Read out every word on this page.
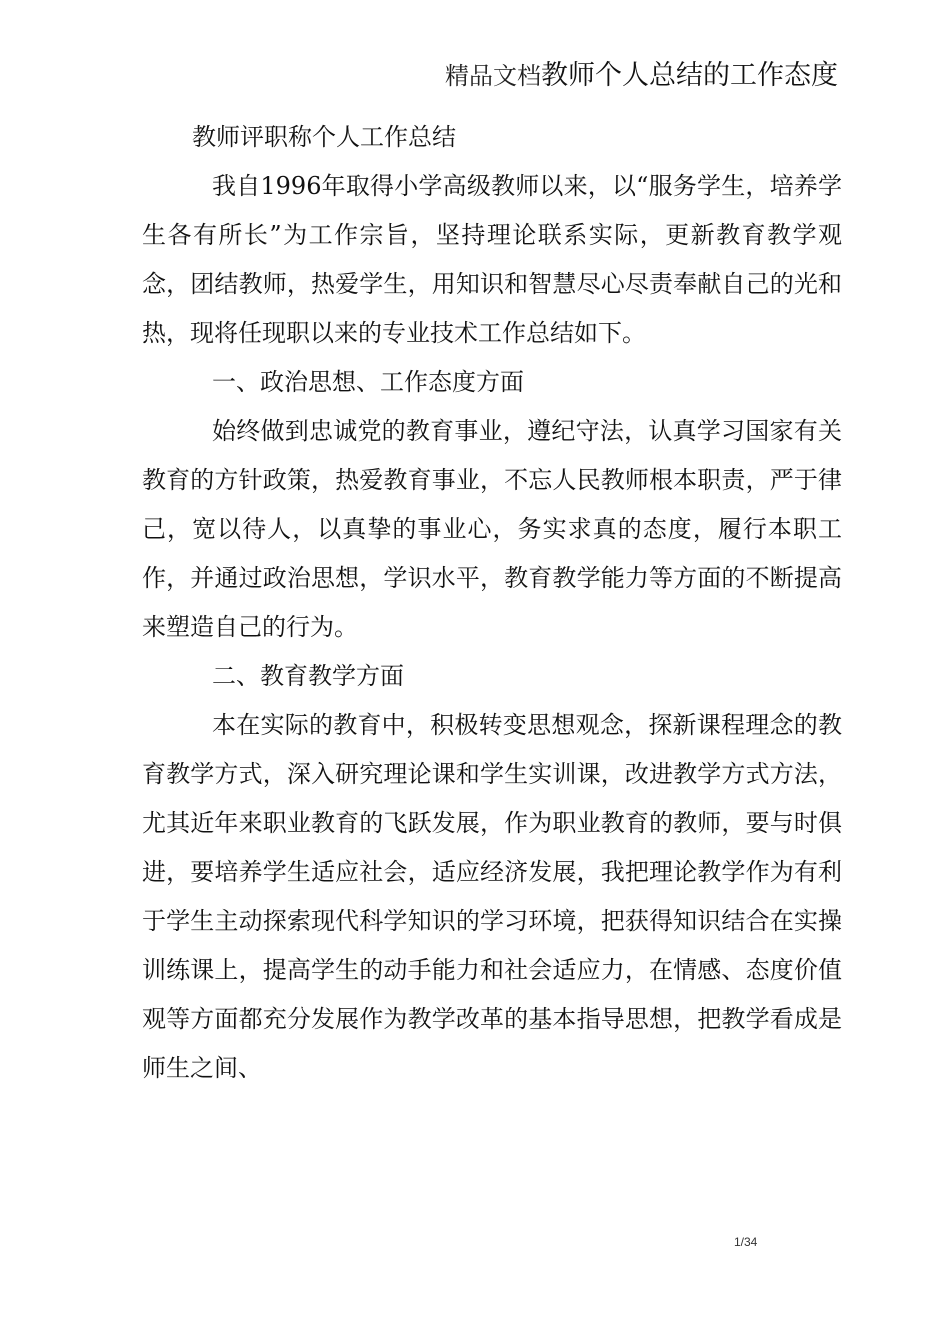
精品文档教师个人总结的工作态度
教师评职称个人工作总结

我自1996年取得小学高级教师以来，以“服务学生，培养学生各有所长”为工作宗旨，坚持理论联系实际，更新教育教学观念，团结教师，热爱学生，用知识和智慧尽心尽责奉献自己的光和热，现将任现职以来的专业技术工作总结如下。

一、政治思想、工作态度方面

始终做到忠诚党的教育事业，遵纪守法，认真学习国家有关教育的方针政策，热爱教育事业，不忘人民教师根本职责，严于律己，宽以待人，以真挚的事业心，务实求真的态度，履行本职工作，并通过政治思想，学识水平，教育教学能力等方面的不断提高来塑造自己的行为。

二、教育教学方面

本在实际的教育中，积极转变思想观念，探新课程理念的教育教学方式，深入研究理论课和学生实训课，改进教学方式方法，尤其近年来职业教育的飞跃发展，作为职业教育的教师，要与时俱进，要培养学生适应社会，适应经济发展，我把理论教学作为有利于学生主动探索现代科学知识的学习环境，把获得知识结合在实操训练课上，提高学生的动手能力和社会适应力，在情感、态度价值观等方面都充分发展作为教学改革的基本指导思想，把教学看成是师生之间、

1/34
